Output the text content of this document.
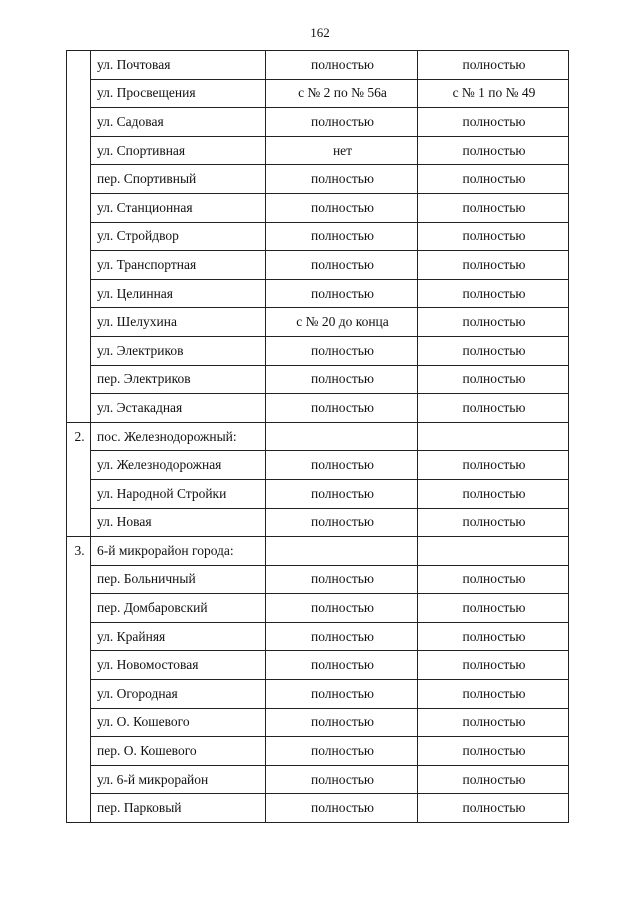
162
	ул. Почтовая	полностью	полностью
	ул. Просвещения	с № 2 по № 56а	с № 1 по № 49
	ул. Садовая	полностью	полностью
	ул. Спортивная	нет	полностью
	пер. Спортивный	полностью	полностью
	ул. Станционная	полностью	полностью
	ул. Стройдвор	полностью	полностью
	ул. Транспортная	полностью	полностью
	ул. Целинная	полностью	полностью
	ул. Шелухина	с № 20 до конца	полностью
	ул. Электриков	полностью	полностью
	пер. Электриков	полностью	полностью
	ул. Эстакадная	полностью	полностью
2.	пос. Железнодорожный:		
	ул. Железнодорожная	полностью	полностью
	ул. Народной Стройки	полностью	полностью
	ул. Новая	полностью	полностью
3.	6-й микрорайон города:		
	пер. Больничный	полностью	полностью
	пер. Домбаровский	полностью	полностью
	ул. Крайняя	полностью	полностью
	ул. Новомостовая	полностью	полностью
	ул. Огородная	полностью	полностью
	ул. О. Кошевого	полностью	полностью
	пер. О. Кошевого	полностью	полностью
	ул. 6-й микрорайон	полностью	полностью
	пер. Парковый	полностью	полностью
